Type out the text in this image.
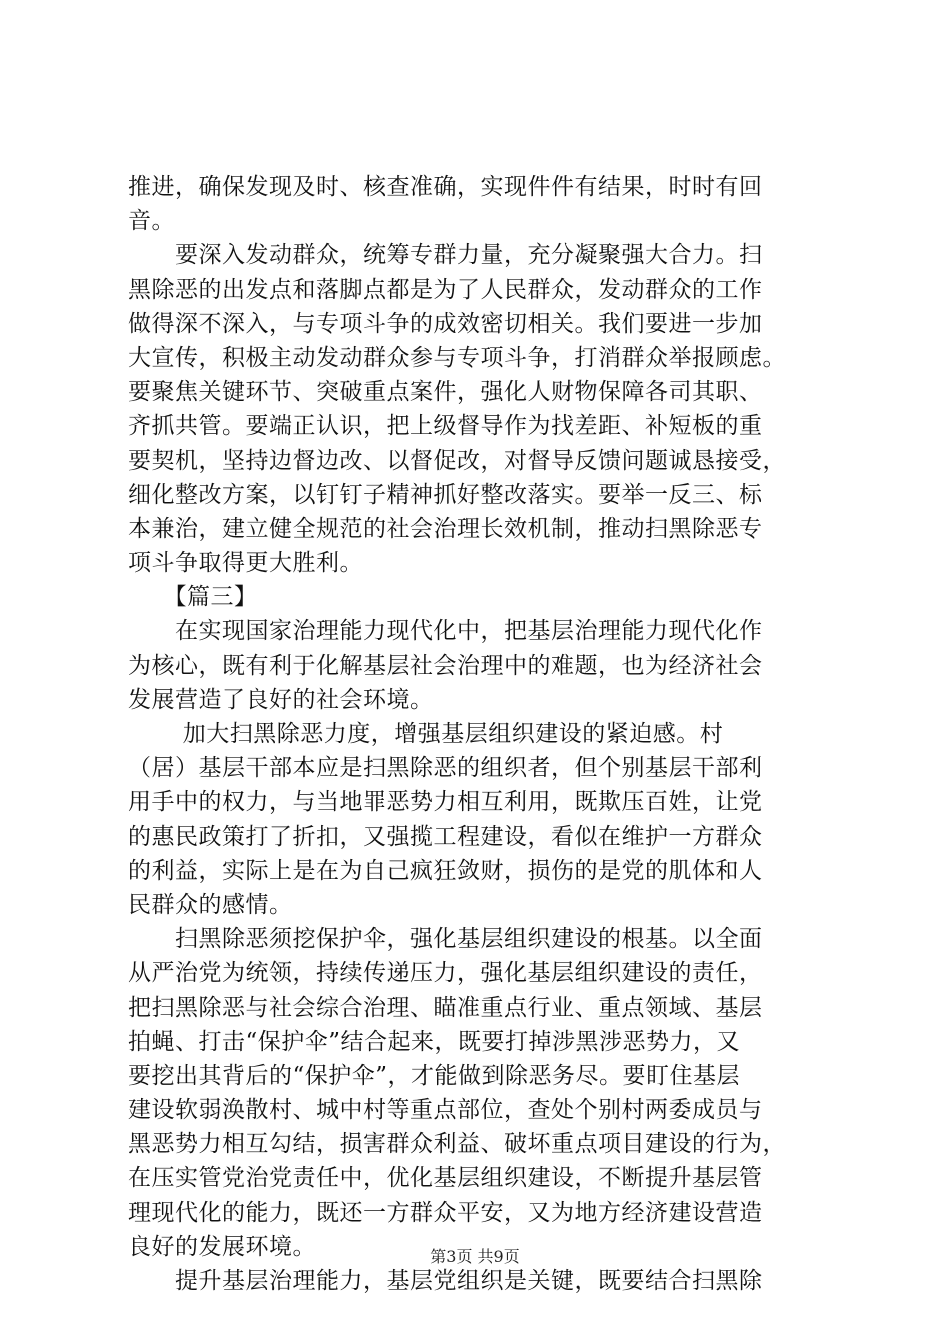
推进，确保发现及时、核查准确，实现件件有结果，时时有回
音。
　　要深入发动群众，统筹专群力量，充分凝聚强大合力。扫
黑除恶的出发点和落脚点都是为了人民群众，发动群众的工作
做得深不深入，与专项斗争的成效密切相关。我们要进一步加
大宣传，积极主动发动群众参与专项斗争，打消群众举报顾虑。
要聚焦关键环节、突破重点案件，强化人财物保障各司其职、
齐抓共管。要端正认识，把上级督导作为找差距、补短板的重
要契机，坚持边督边改、以督促改，对督导反馈问题诚恳接受，
细化整改方案，以钉钉子精神抓好整改落实。要举一反三、标
本兼治，建立健全规范的社会治理长效机制，推动扫黑除恶专
项斗争取得更大胜利。
　　【篇三】
　　在实现国家治理能力现代化中，把基层治理能力现代化作
为核心，既有利于化解基层社会治理中的难题，也为经济社会
发展营造了良好的社会环境。
　　 加大扫黑除恶力度，增强基层组织建设的紧迫感。村
（居）基层干部本应是扫黑除恶的组织者，但个别基层干部利
用手中的权力，与当地罪恶势力相互利用，既欺压百姓，让党
的惠民政策打了折扣，又强揽工程建设，看似在维护一方群众
的利益，实际上是在为自己疯狂敛财，损伤的是党的肌体和人
民群众的感情。
　　扫黑除恶须挖保护伞，强化基层组织建设的根基。以全面
从严治党为统领，持续传递压力，强化基层组织建设的责任，
把扫黑除恶与社会综合治理、瞄准重点行业、重点领域、基层
拍蝇、打击“保护伞”结合起来，既要打掉涉黑涉恶势力，又
要挖出其背后的“保护伞”，才能做到除恶务尽。要盯住基层
建设软弱涣散村、城中村等重点部位，查处个别村两委成员与
黑恶势力相互勾结，损害群众利益、破坏重点项目建设的行为，
在压实管党治党责任中，优化基层组织建设，不断提升基层管
理现代化的能力，既还一方群众平安，又为地方经济建设营造
良好的发展环境。
　　提升基层治理能力，基层党组织是关键，既要结合扫黑除
第3页 共9页
